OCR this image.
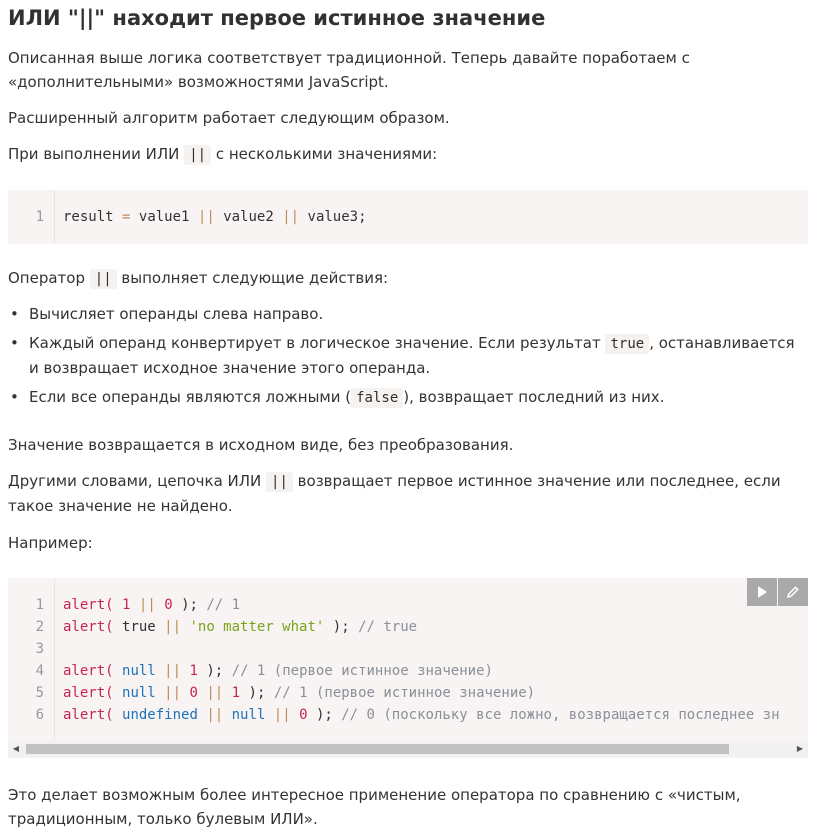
ИЛИ "||" находит первое истинное значение

Описанная выше логика соответствует традиционной. Теперь давайте поработаем с «дополнительными» возможностями JavaScript.

Расширенный алгоритм работает следующим образом.

При выполнении ИЛИ || с несколькими значениями:

1 result = value1 || value2 || value3;

Оператор || выполняет следующие действия:

• Вычисляет операнды слева направо.
• Каждый операнд конвертирует в логическое значение. Если результат true , останавливается и возвращает исходное значение этого операнда.
• Если все операнды являются ложными ( false ), возвращает последний из них.

Значение возвращается в исходном виде, без преобразования.

Другими словами, цепочка ИЛИ || возвращает первое истинное значение или последнее, если такое значение не найдено.

Например:

1
2
3
4
5
6
alert( 1 || 0 ); // 1
alert( true || 'no matter what' ); // true
alert( null || 1 ); // 1 (первое истинное значение)
alert( null || 0 || 1 ); // 1 (первое истинное значение)
alert( undefined || null || 0 ); // 0 (поскольку все ложно, возвращается последнее зн

Это делает возможным более интересное применение оператора по сравнению с «чистым, традиционным, только булевым ИЛИ».

◀	▶
